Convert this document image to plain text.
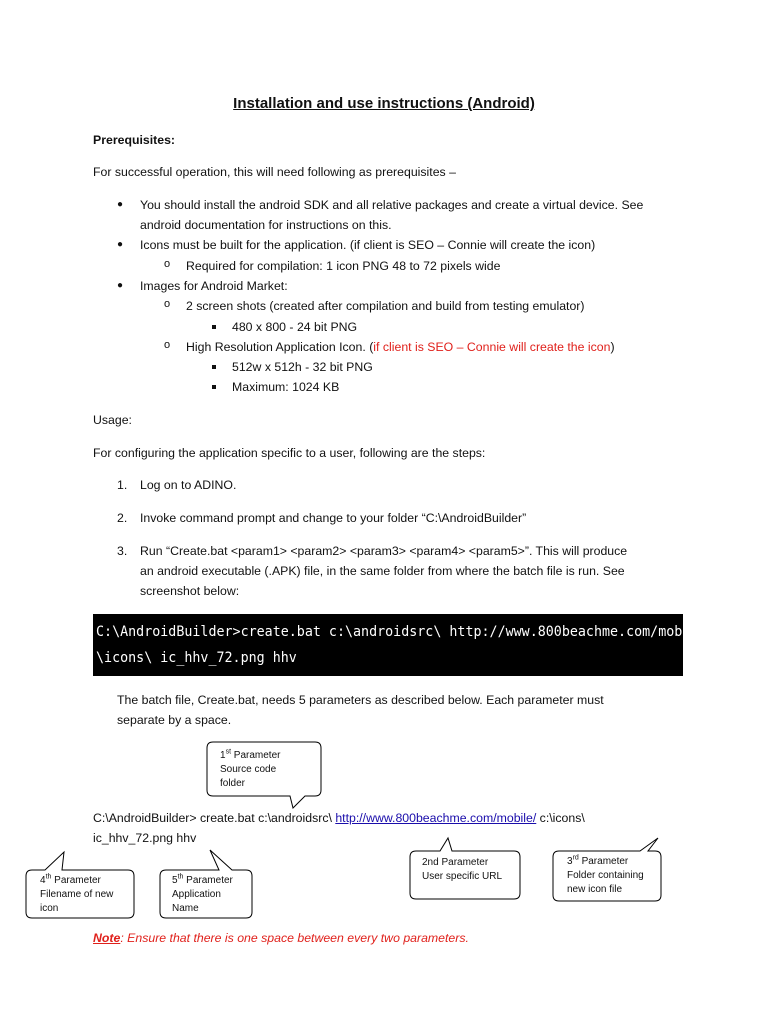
Installation and use instructions (Android)
Prerequisites:
For successful operation, this will need following as prerequisites –
● You should install the android SDK and all relative packages and create a virtual device. See
android documentation for instructions on this.
● Icons must be built for the application. (if client is SEO – Connie will create the icon)
o Required for compilation: 1 icon PNG 48 to 72 pixels wide
● Images for Android Market:
o 2 screen shots (created after compilation and build from testing emulator)
480 x 800 - 24 bit PNG
o High Resolution Application Icon. (if client is SEO – Connie will create the icon)
512w x 512h - 32 bit PNG
Maximum: 1024 KB
Usage:
For configuring the application specific to a user, following are the steps:
1. Log on to ADINO.
2. Invoke command prompt and change to your folder “C:\AndroidBuilder”
3. Run “Create.bat <param1> <param2> <param3> <param4> <param5>”. This will produce
an android executable (.APK) file, in the same folder from where the batch file is run. See
screenshot below:
C:\AndroidBuilder>create.bat c:\androidsrc\ http://www.800beachme.com/mobile/ c:
\icons\ ic_hhv_72.png hhv
The batch file, Create.bat, needs 5 parameters as described below. Each parameter must
separate by a space.
1st Parameter
Source code
folder
C:\AndroidBuilder> create.bat c:\androidsrc\ http://www.800beachme.com/mobile/ c:\icons\
ic_hhv_72.png hhv
2nd Parameter
User specific URL
3rd Parameter
Folder containing
new icon file
4th Parameter
Filename of new
icon
5th Parameter
Application
Name
Note: Ensure that there is one space between every two parameters.
